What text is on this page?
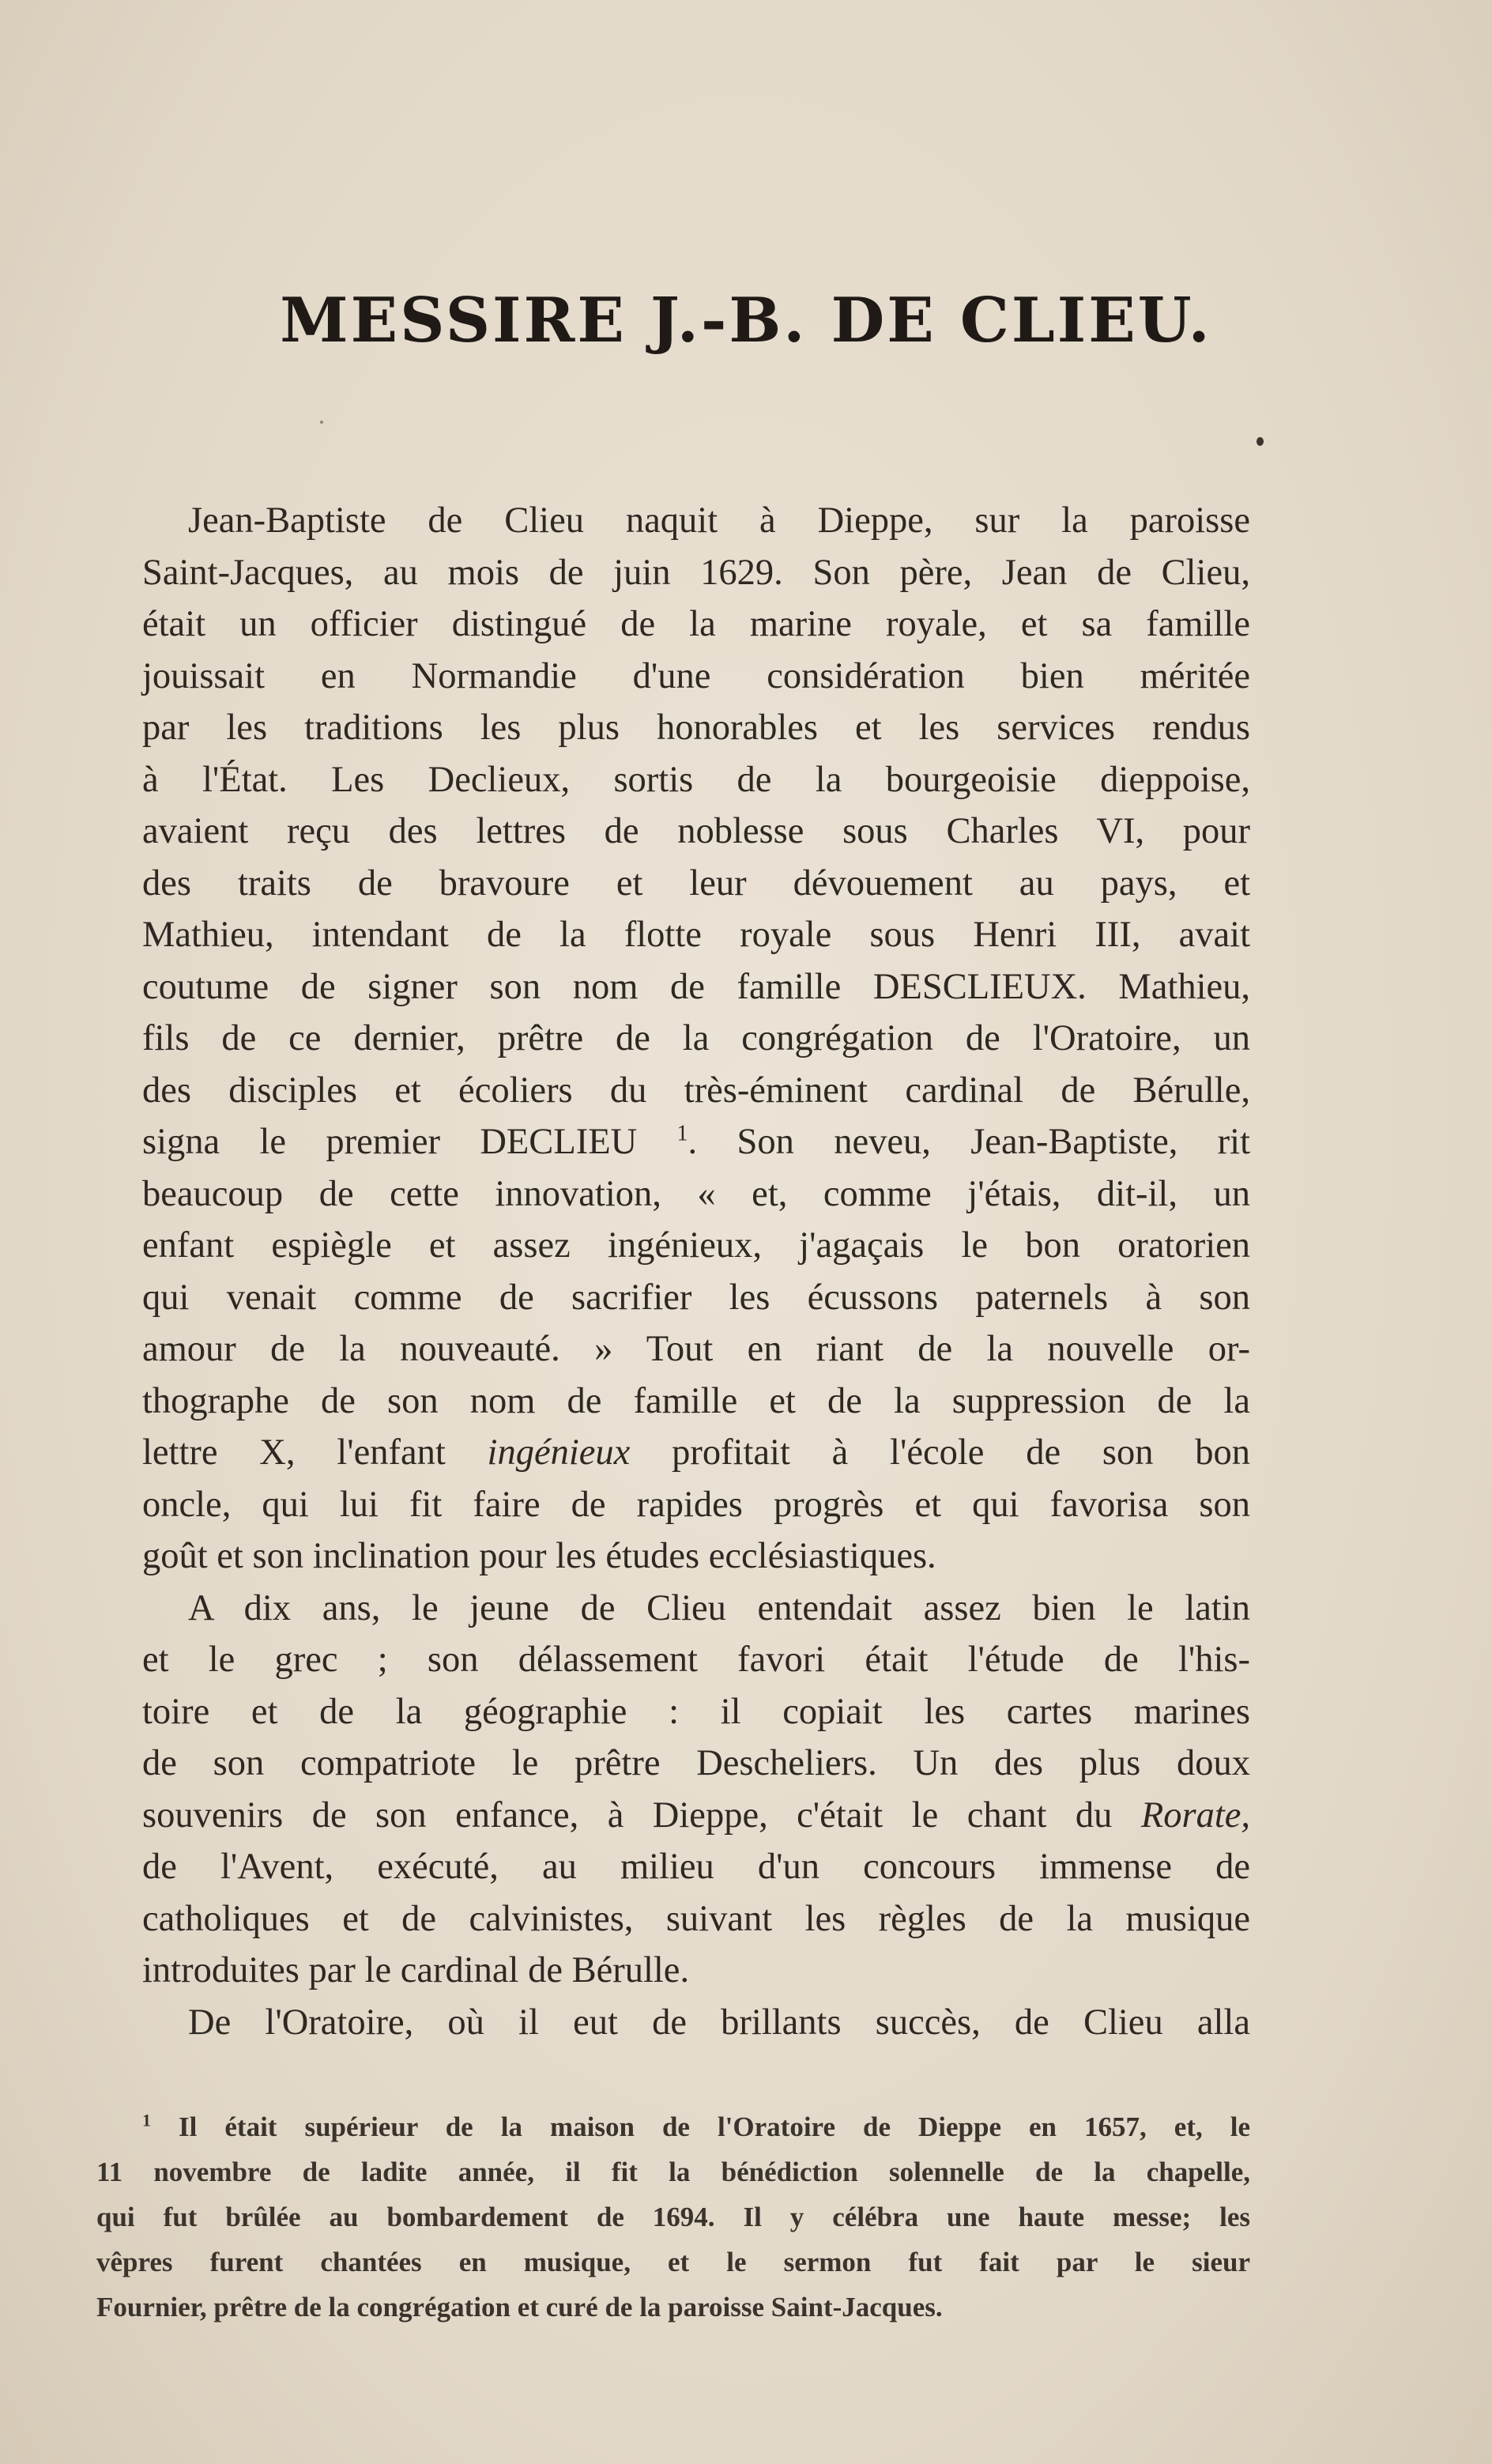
MESSIRE J.-B. DE CLIEU.
Jean-Baptiste de Clieu naquit à Dieppe, sur la paroisse
Saint-Jacques, au mois de juin 1629. Son père, Jean de Clieu,
était un officier distingué de la marine royale, et sa famille
jouissait en Normandie d'une considération bien méritée
par les traditions les plus honorables et les services rendus
à l'État. Les Declieux, sortis de la bourgeoisie dieppoise,
avaient reçu des lettres de noblesse sous Charles VI, pour
des traits de bravoure et leur dévouement au pays, et
Mathieu, intendant de la flotte royale sous Henri III, avait
coutume de signer son nom de famille DESCLIEUX. Mathieu,
fils de ce dernier, prêtre de la congrégation de l'Oratoire, un
des disciples et écoliers du très-éminent cardinal de Bérulle,
signa le premier DECLIEU $^1$. Son neveu, Jean-Baptiste, rit
beaucoup de cette innovation, « et, comme j'étais, dit-il, un
enfant espiègle et assez ingénieux, j'agaçais le bon oratorien
qui venait comme de sacrifier les écussons paternels à son
amour de la nouveauté. » Tout en riant de la nouvelle or-
thographe de son nom de famille et de la suppression de la
lettre X, l'enfant ingénieux profitait à l'école de son bon
oncle, qui lui fit faire de rapides progrès et qui favorisa son
goût et son inclination pour les études ecclésiastiques.
A dix ans, le jeune de Clieu entendait assez bien le latin
et le grec ; son délassement favori était l'étude de l'his-
toire et de la géographie : il copiait les cartes marines
de son compatriote le prêtre Descheliers. Un des plus doux
souvenirs de son enfance, à Dieppe, c'était le chant du Rorate,
de l'Avent, exécuté, au milieu d'un concours immense de
catholiques et de calvinistes, suivant les règles de la musique
introduites par le cardinal de Bérulle.
De l'Oratoire, où il eut de brillants succès, de Clieu alla
$^1$ Il était supérieur de la maison de l'Oratoire de Dieppe en 1657, et, le
11 novembre de ladite année, il fit la bénédiction solennelle de la chapelle,
qui fut brûlée au bombardement de 1694. Il y célébra une haute messe; les
vêpres furent chantées en musique, et le sermon fut fait par le sieur
Fournier, prêtre de la congrégation et curé de la paroisse Saint-Jacques.
